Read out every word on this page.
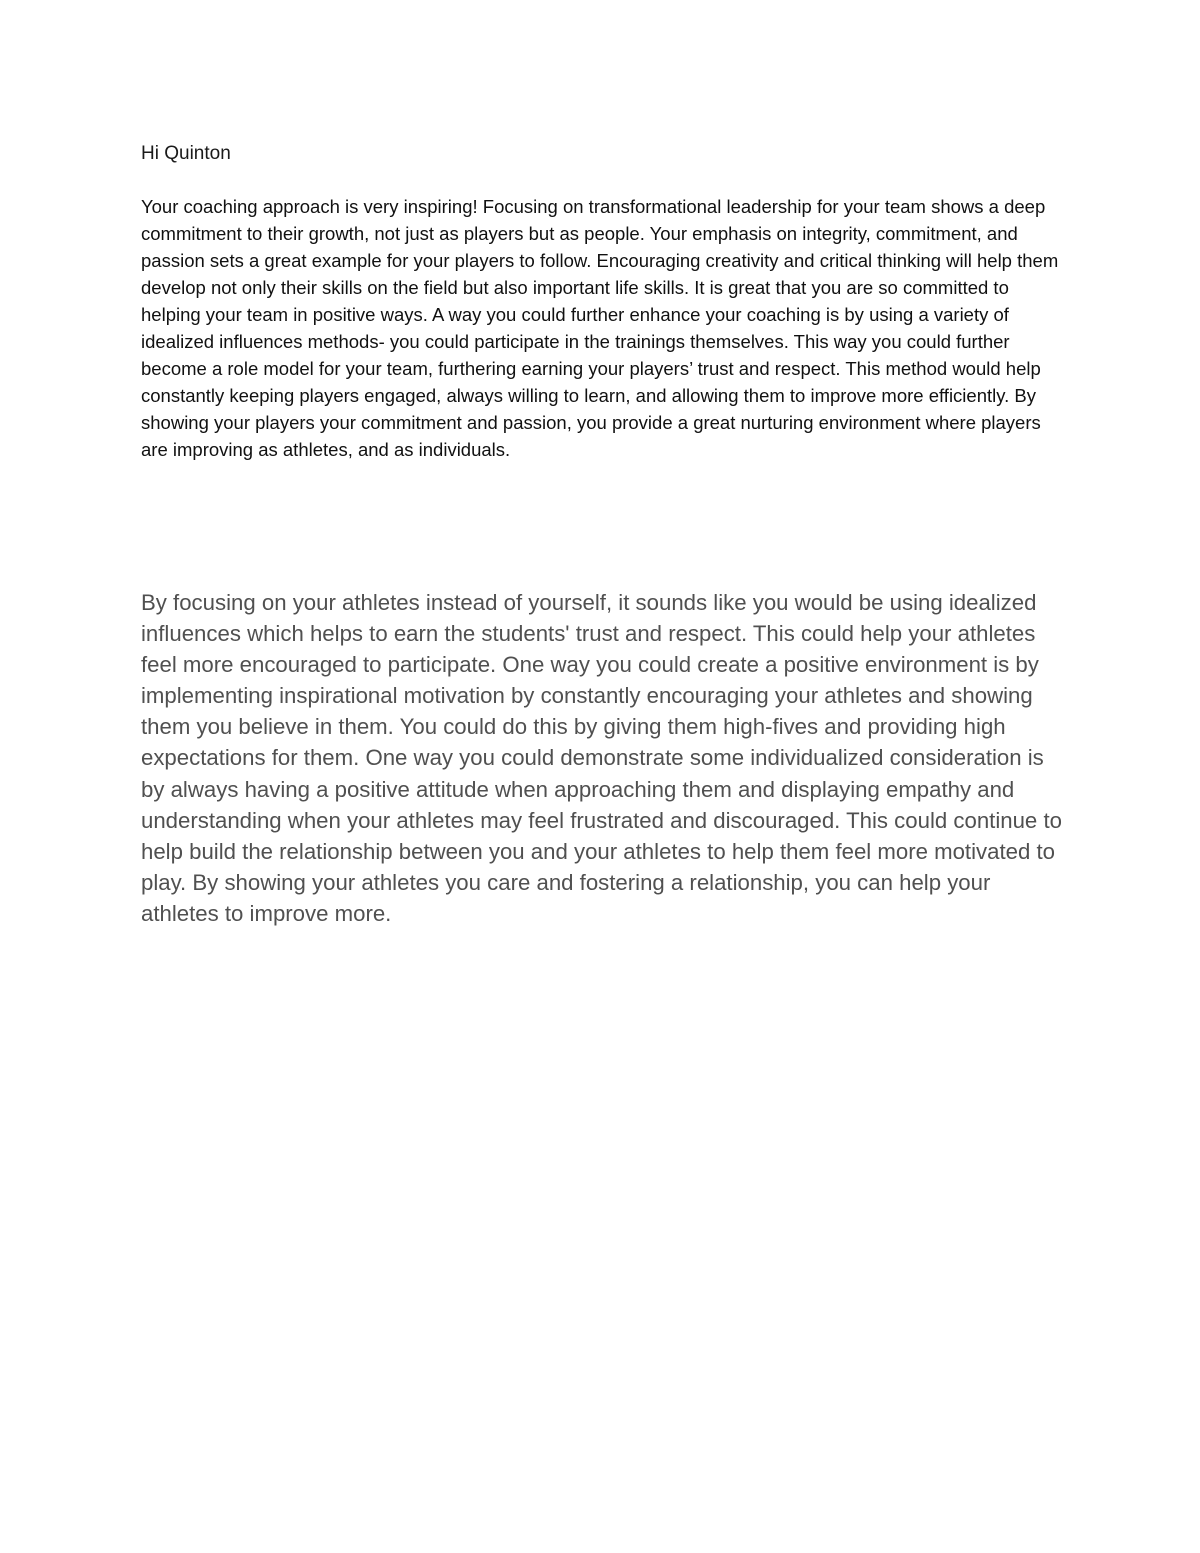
Hi Quinton

Your coaching approach is very inspiring! Focusing on transformational leadership for your team shows a deep commitment to their growth, not just as players but as people. Your emphasis on integrity, commitment, and passion sets a great example for your players to follow. Encouraging creativity and critical thinking will help them develop not only their skills on the field but also important life skills. It is great that you are so committed to helping your team in positive ways. A way you could further enhance your coaching is by using a variety of idealized influences methods- you could participate in the trainings themselves. This way you could further become a role model for your team, furthering earning your players’ trust and respect. This method would help constantly keeping players engaged, always willing to learn, and allowing them to improve more efficiently. By showing your players your commitment and passion, you provide a great nurturing environment where players are improving as athletes, and as individuals.

By focusing on your athletes instead of yourself, it sounds like you would be using idealized influences which helps to earn the students' trust and respect. This could help your athletes feel more encouraged to participate. One way you could create a positive environment is by implementing inspirational motivation by constantly encouraging your athletes and showing them you believe in them. You could do this by giving them high-fives and providing high expectations for them. One way you could demonstrate some individualized consideration is by always having a positive attitude when approaching them and displaying empathy and understanding when your athletes may feel frustrated and discouraged. This could continue to help build the relationship between you and your athletes to help them feel more motivated to play. By showing your athletes you care and fostering a relationship, you can help your athletes to improve more.
